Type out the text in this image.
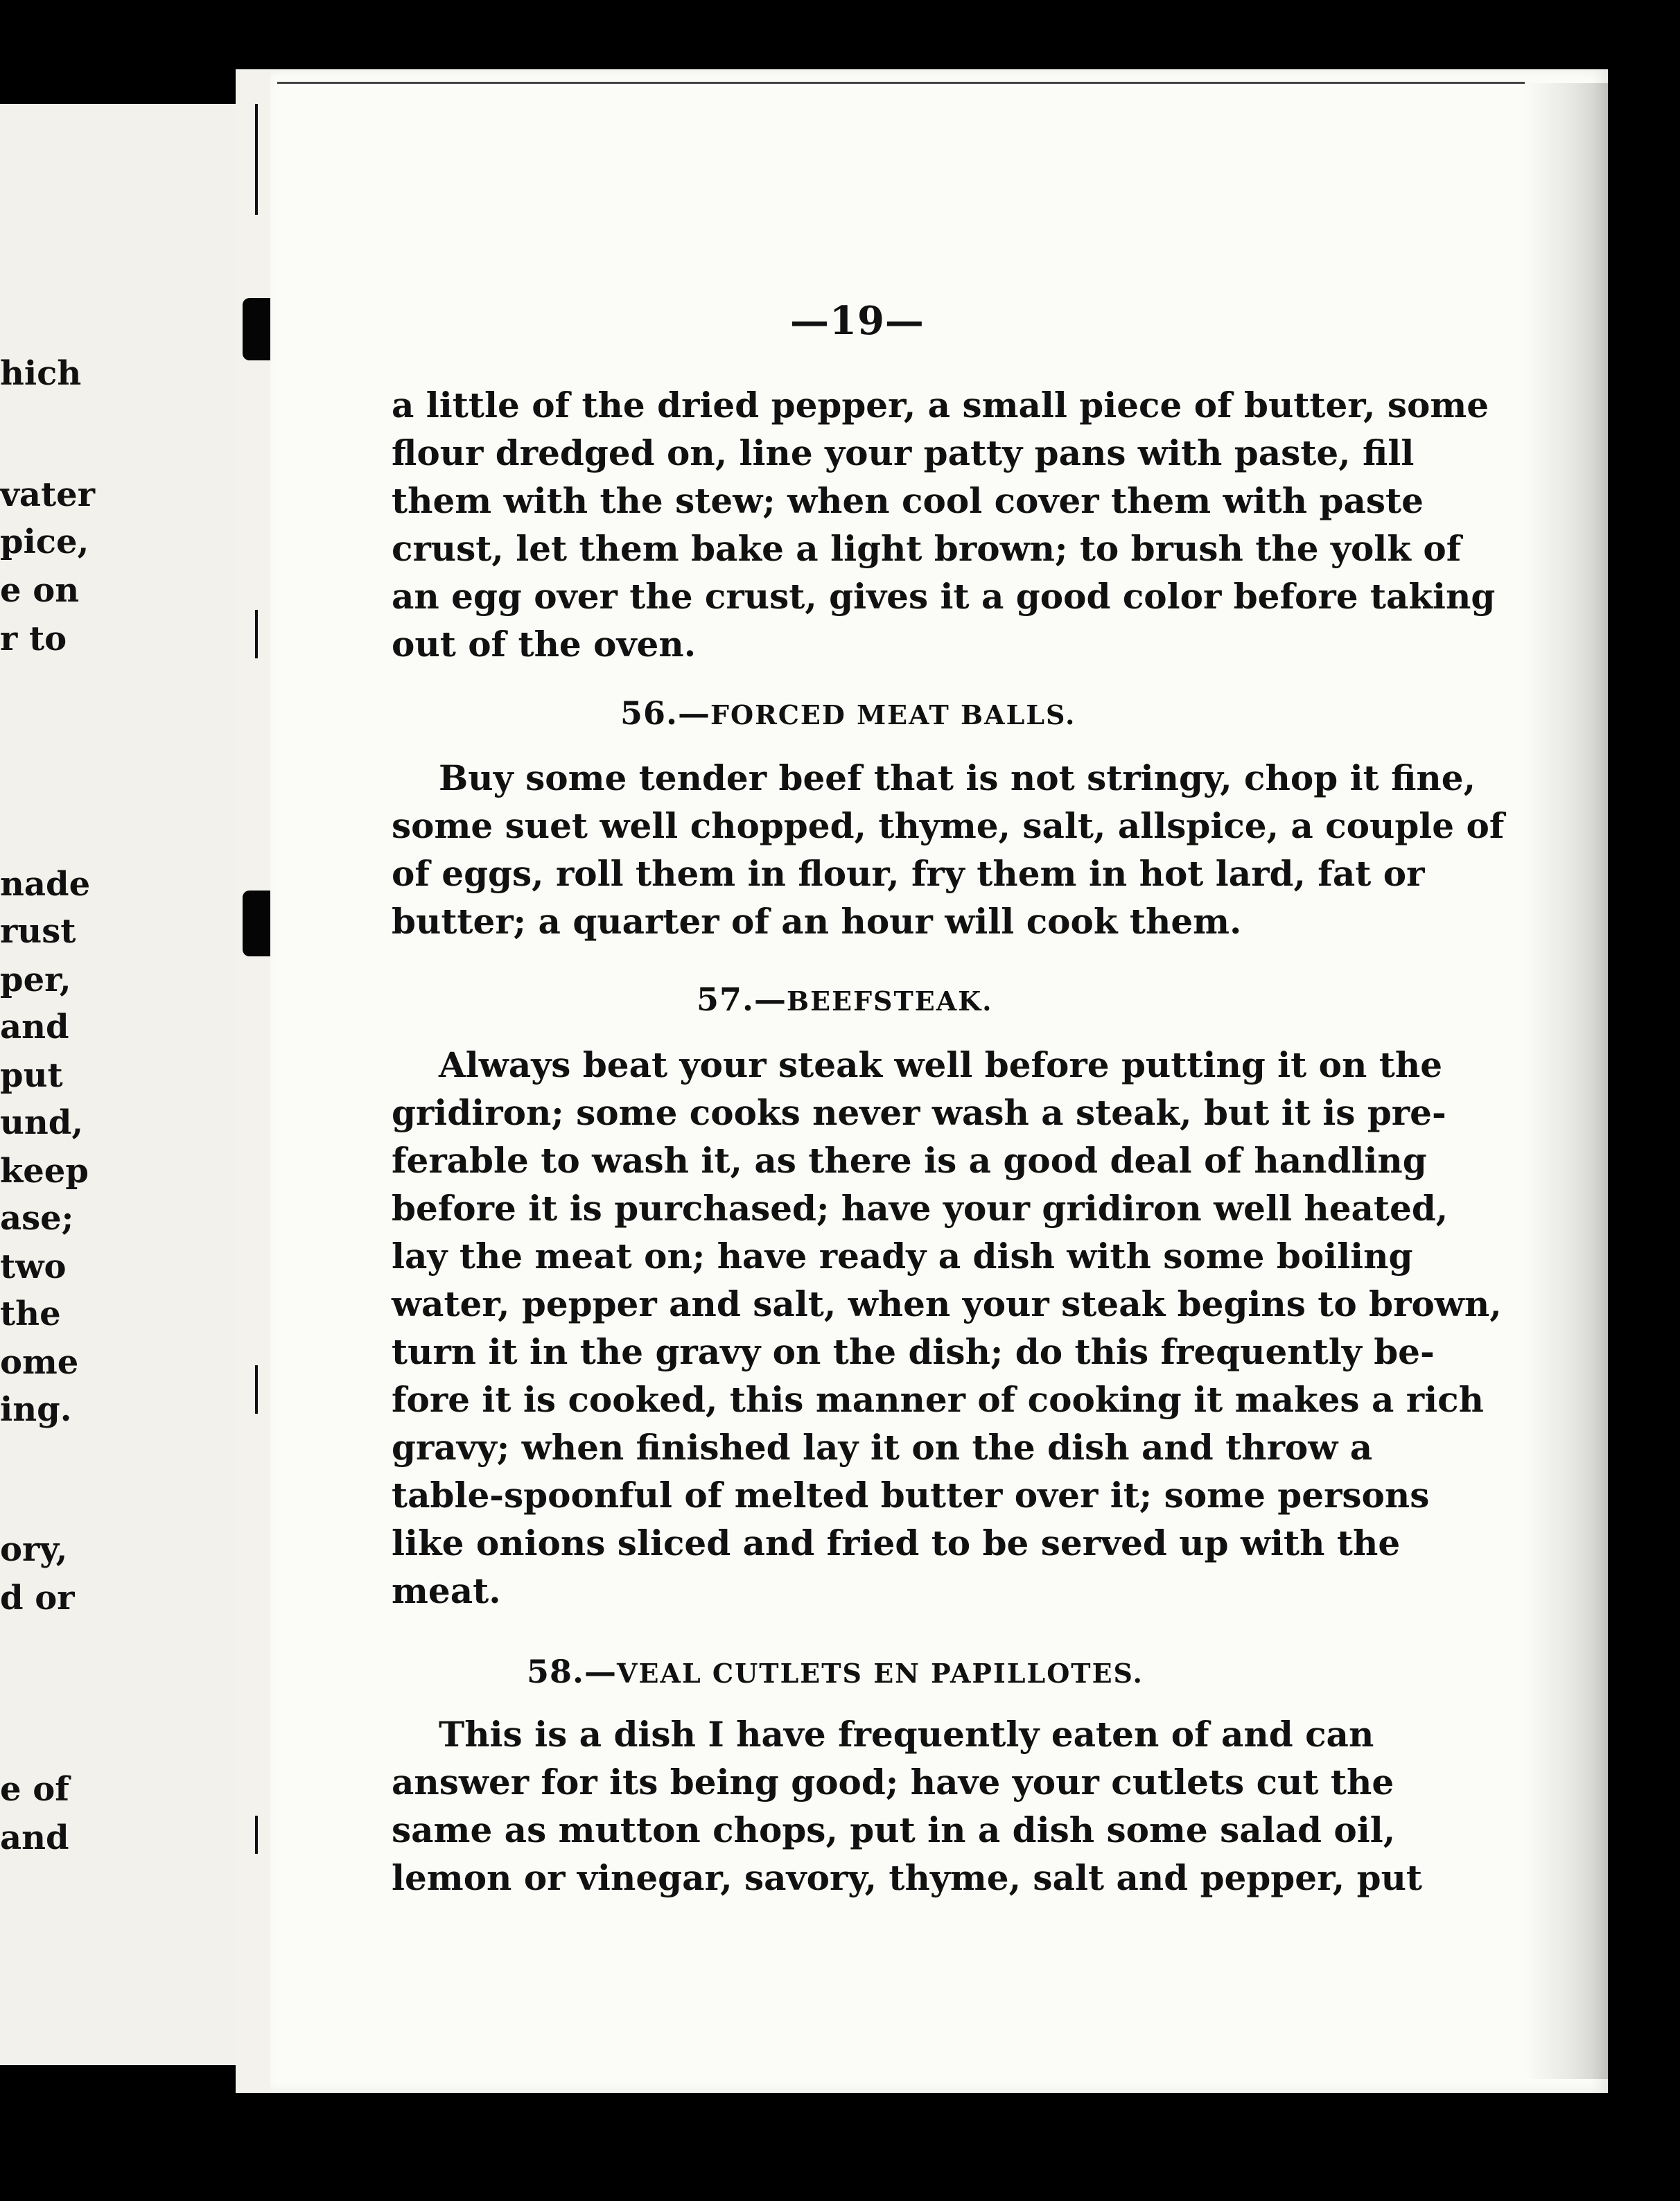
hich
vater
pice,
e on
r to
nade
rust
per,
and
put
und,
keep
ase;
two
the
ome
ing.
ory,
d or
e of
and
—19—
a little of the dried pepper, a small piece of butter, some
flour dredged on, line your patty pans with paste, fill
them with the stew; when cool cover them with paste
crust, let them bake a light brown; to brush the yolk of
an egg over the crust, gives it a good color before taking
out of the oven.
56.—FORCED MEAT BALLS.
Buy some tender beef that is not stringy, chop it fine,
some suet well chopped, thyme, salt, allspice, a couple of
of eggs, roll them in flour, fry them in hot lard, fat or
butter; a quarter of an hour will cook them.
57.—BEEFSTEAK.
Always beat your steak well before putting it on the
gridiron; some cooks never wash a steak, but it is pre-
ferable to wash it, as there is a good deal of handling
before it is purchased; have your gridiron well heated,
lay the meat on; have ready a dish with some boiling
water, pepper and salt, when your steak begins to brown,
turn it in the gravy on the dish; do this frequently be-
fore it is cooked, this manner of cooking it makes a rich
gravy; when finished lay it on the dish and throw a
table-spoonful of melted butter over it; some persons
like onions sliced and fried to be served up with the
meat.
58.—VEAL CUTLETS EN PAPILLOTES.
This is a dish I have frequently eaten of and can
answer for its being good; have your cutlets cut the
same as mutton chops, put in a dish some salad oil,
lemon or vinegar, savory, thyme, salt and pepper, put
